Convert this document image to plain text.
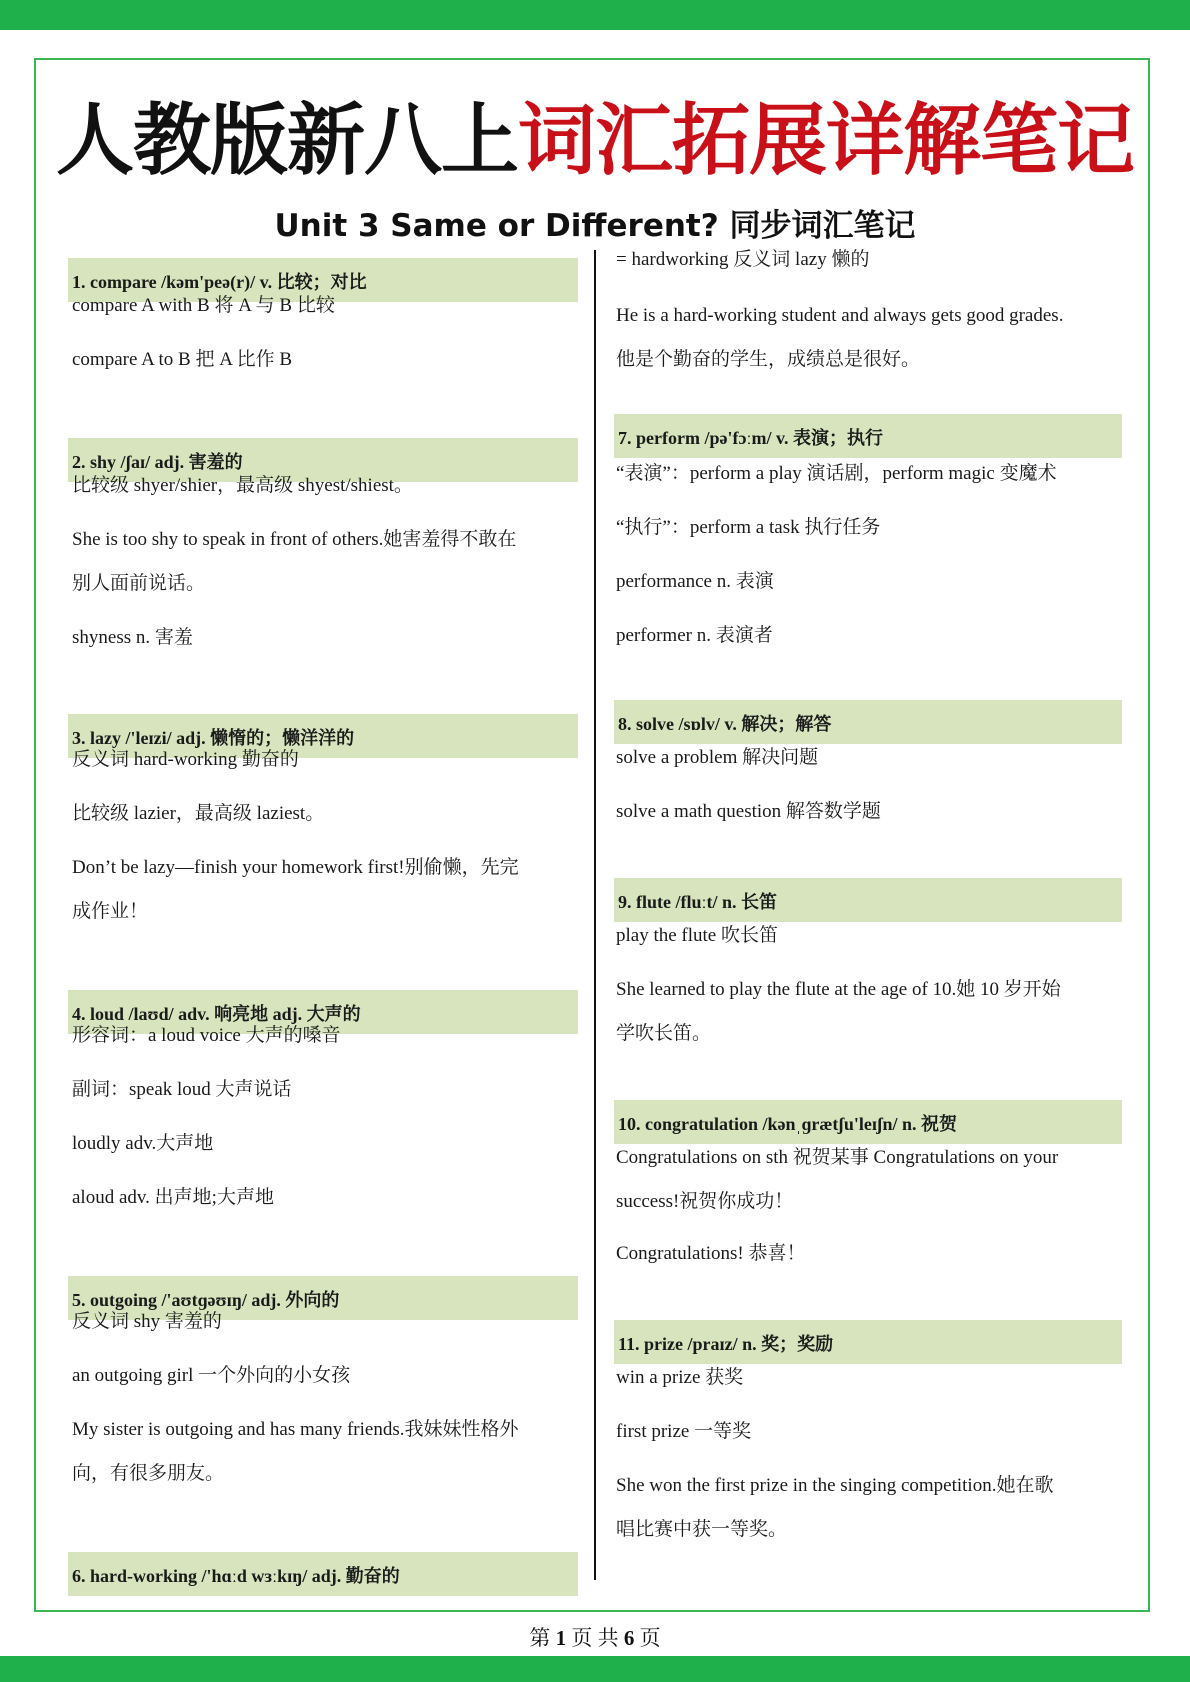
人教版新八上词汇拓展详解笔记
Unit 3 Same or Different? 同步词汇笔记
第 1 页 共 6 页
1. compare /kəm'peə(r)/ v. 比较；对比
compare A with B 将 A 与 B 比较
compare A to B 把 A 比作 B
2. shy /ʃaɪ/ adj. 害羞的
比较级 shyer/shier，最高级 shyest/shiest。
She is too shy to speak in front of others.她害羞得不敢在
别人面前说话。
shyness n. 害羞
3. lazy /'leɪzi/ adj. 懒惰的；懒洋洋的
反义词 hard-working 勤奋的
比较级 lazier，最高级 laziest。
Don’t be lazy—finish your homework first!别偷懒，先完
成作业！
4. loud /laʊd/ adv. 响亮地 adj. 大声的
形容词：a loud voice 大声的嗓音
副词：speak loud 大声说话
loudly adv.大声地
aloud adv. 出声地;大声地
5. outgoing /'aʊtɡəʊɪŋ/ adj. 外向的
反义词 shy 害羞的
an outgoing girl 一个外向的小女孩
My sister is outgoing and has many friends.我妹妹性格外
向，有很多朋友。
6. hard-working /'hɑːd wɜːkɪŋ/ adj. 勤奋的
= hardworking 反义词 lazy 懒的
He is a hard-working student and always gets good grades.
他是个勤奋的学生，成绩总是很好。
7. perform /pə'fɔːm/ v. 表演；执行
“表演”：perform a play 演话剧，perform magic 变魔术
“执行”：perform a task 执行任务
performance n. 表演
performer n. 表演者
8. solve /sɒlv/ v. 解决；解答
solve a problem 解决问题
solve a math question 解答数学题
9. flute /fluːt/ n. 长笛
play the flute 吹长笛
She learned to play the flute at the age of 10.她 10 岁开始
学吹长笛。
10. congratulation /kənˌɡrætʃu'leɪʃn/ n. 祝贺
Congratulations on sth 祝贺某事 Congratulations on your
success!祝贺你成功！
Congratulations! 恭喜！
11. prize /praɪz/ n. 奖；奖励
win a prize 获奖
first prize 一等奖
She won the first prize in the singing competition.她在歌
唱比赛中获一等奖。
